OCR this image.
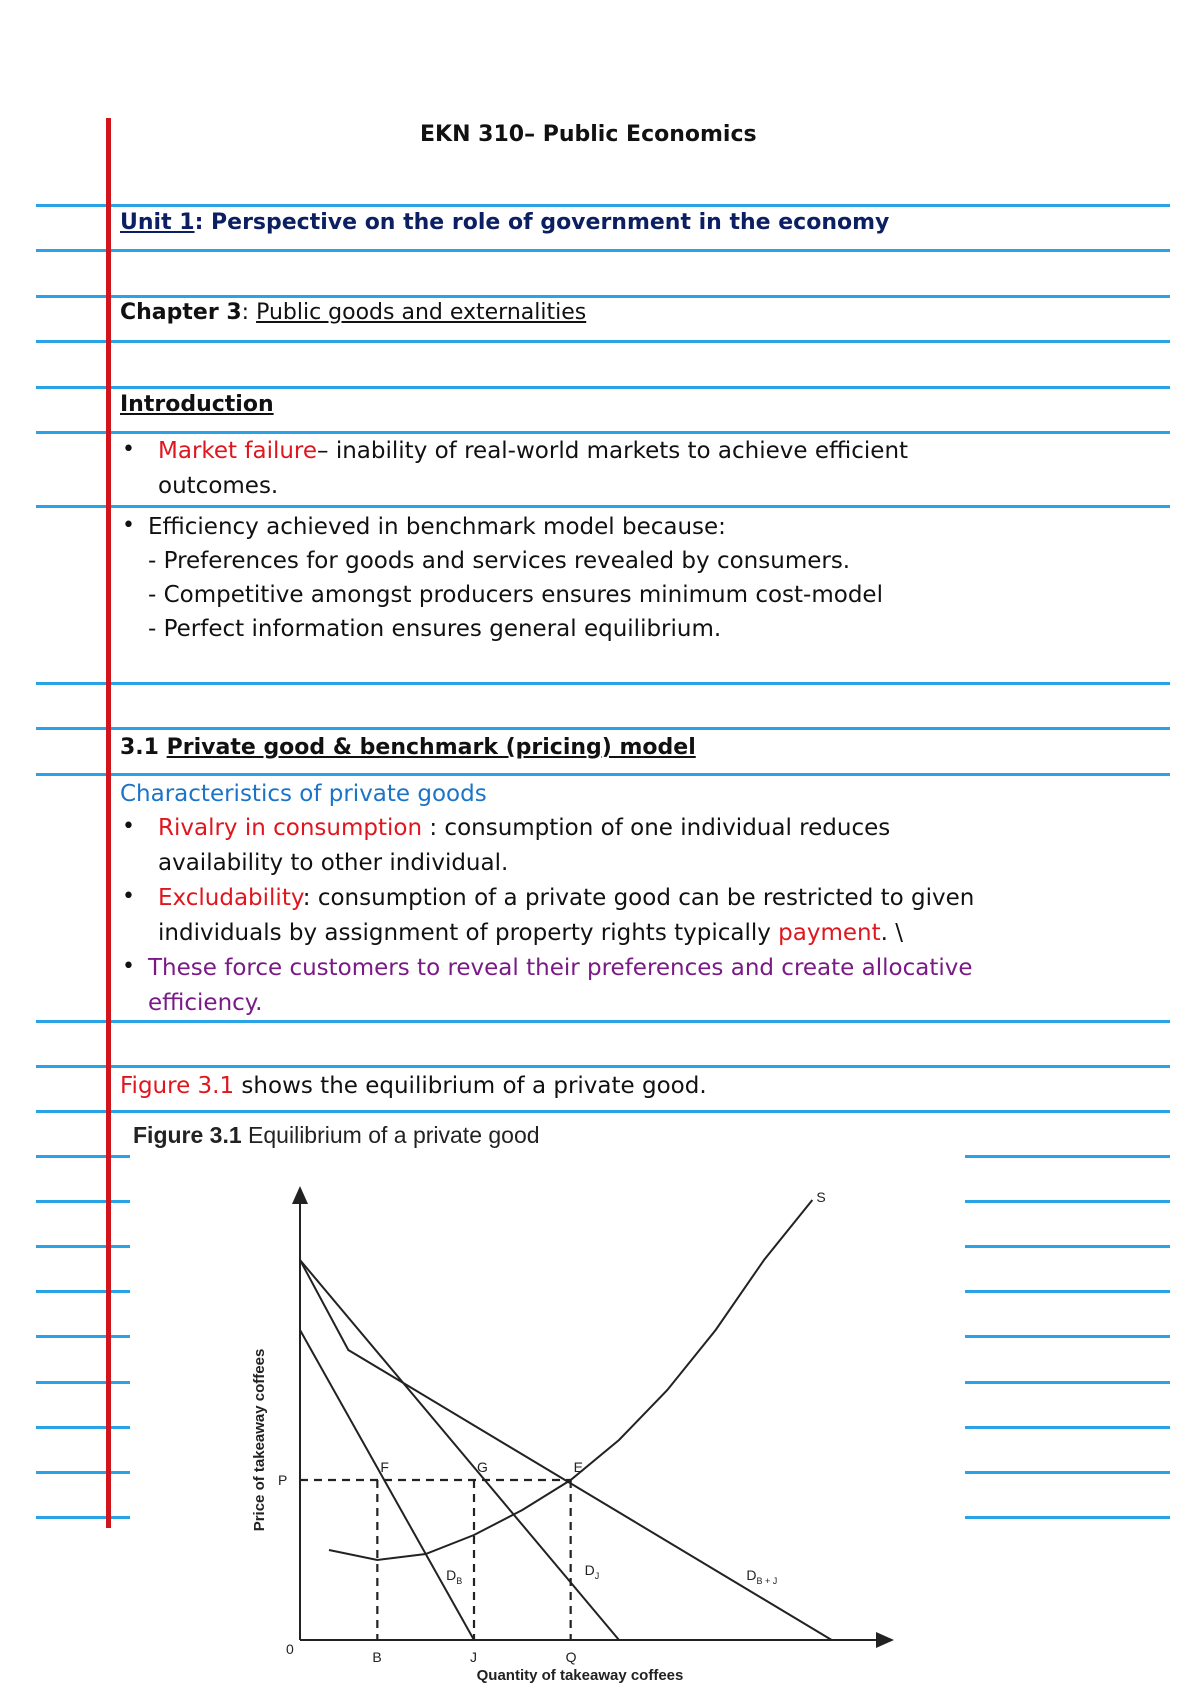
EKN 310– Public Economics
Unit 1: Perspective on the role of government in the economy
Chapter 3: Public goods and externalities
Introduction
• Market failure– inability of real-world markets to achieve efficient
outcomes.
• Efficiency achieved in benchmark model because:
- Preferences for goods and services revealed by consumers.
- Competitive amongst producers ensures minimum cost-model
- Perfect information ensures general equilibrium.
3.1 Private good & benchmark (pricing) model
Characteristics of private goods
• Rivalry in consumption : consumption of one individual reduces
availability to other individual.
• Excludability: consumption of a private good can be restricted to given
individuals by assignment of property rights typically payment. \
• These force customers to reveal their preferences and create allocative
efficiency.
Figure 3.1 shows the equilibrium of a private good.
Figure 3.1 Equilibrium of a private good
0
P
B	J	Q
F	G	E
S
$D_B$
$D_J$	$D_{B + J}$
Quantity of takeaway coffees
Price of takeaway coffees
